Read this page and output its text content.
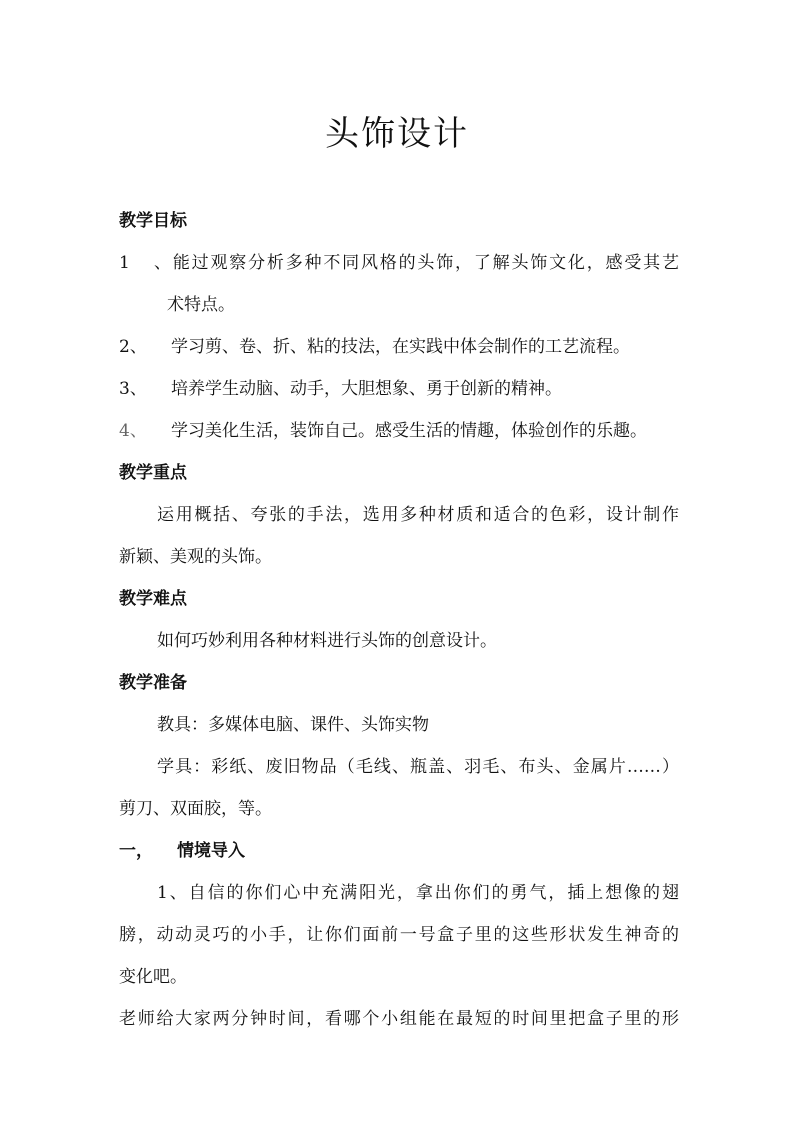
头饰设计

教学目标

1、能过观察分析多种不同风格的头饰，了解头饰文化，感受其艺

术特点。

2、 学习剪、卷、折、粘的技法，在实践中体会制作的工艺流程。

3、 培养学生动脑、动手，大胆想象、勇于创新的精神。

4、 学习美化生活，装饰自己。感受生活的情趣，体验创作的乐趣。

教学重点

运用概括、夸张的手法，选用多种材质和适合的色彩，设计制作

新颖、美观的头饰。

教学难点

如何巧妙利用各种材料进行头饰的创意设计。

教学准备

教具：多媒体电脑、课件、头饰实物

学具：彩纸、废旧物品（毛线、瓶盖、羽毛、布头、金属片……）

剪刀、双面胶，等。

一， 情境导入

1、自信的你们心中充满阳光，拿出你们的勇气，插上想像的翅

膀，动动灵巧的小手，让你们面前一号盒子里的这些形状发生神奇的

变化吧。

老师给大家两分钟时间，看哪个小组能在最短的时间里把盒子里的形
